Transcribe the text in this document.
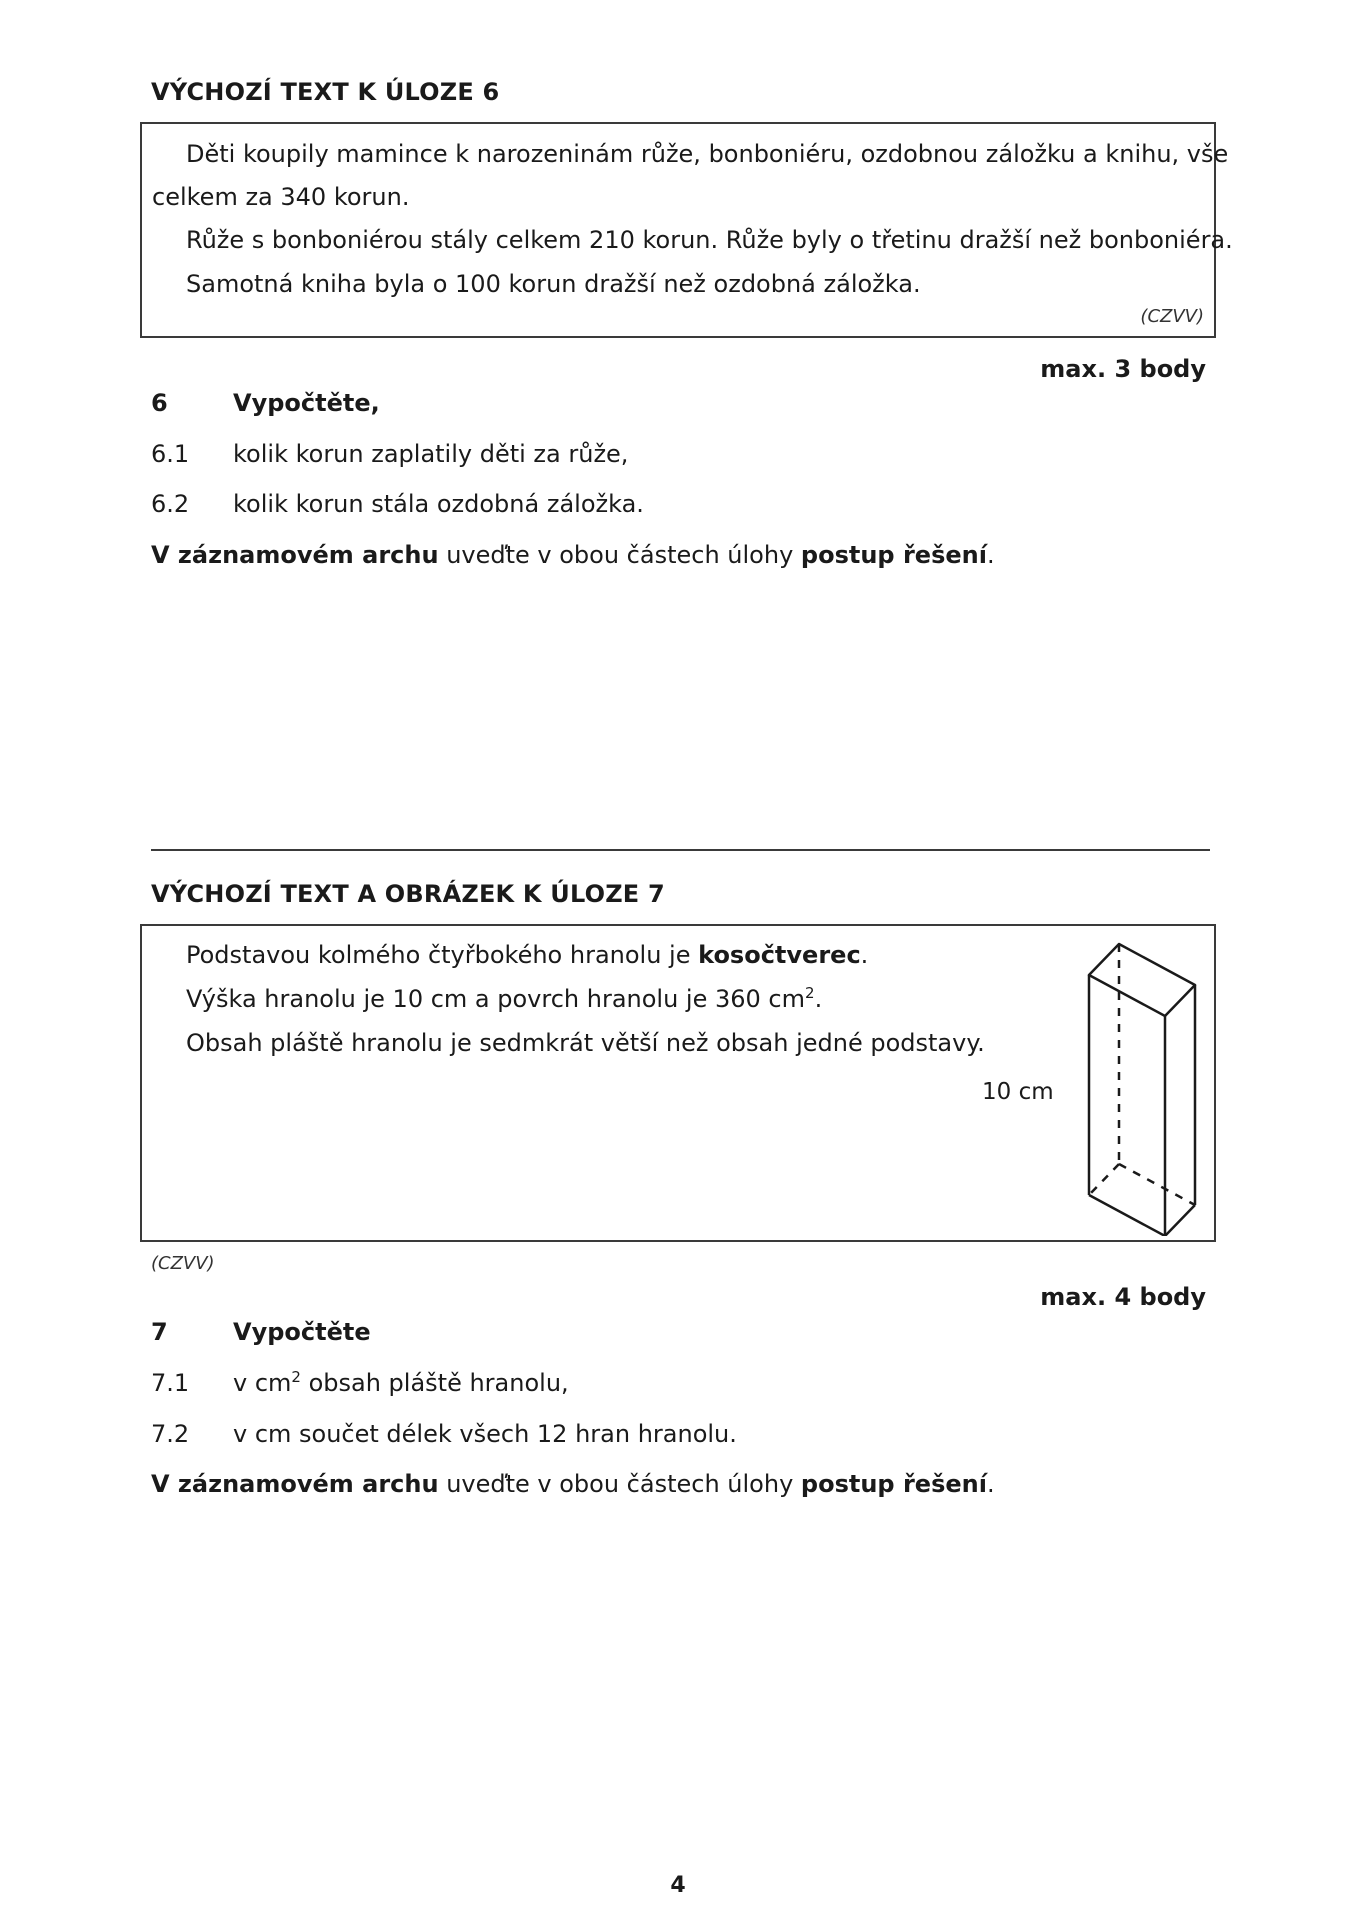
VÝCHOZÍ TEXT K ÚLOZE 6
Děti koupily mamince k narozeninám růže, bonboniéru, ozdobnou záložku a knihu, vše
celkem za 340 korun.
Růže s bonboniérou stály celkem 210 korun. Růže byly o třetinu dražší než bonboniéra.
Samotná kniha byla o 100 korun dražší než ozdobná záložka.
(CZVV)
max. 3 body
6	Vypočtěte,
6.1 kolik korun zaplatily děti za růže,
6.2 kolik korun stála ozdobná záložka.
V záznamovém archu uveďte v obou částech úlohy postup řešení.
VÝCHOZÍ TEXT A OBRÁZEK K ÚLOZE 7
Podstavou kolmého čtyřbokého hranolu je kosočtverec.
Výška hranolu je 10 cm a povrch hranolu je 360 $cm^2$.
Obsah pláště hranolu je sedmkrát větší než obsah jedné podstavy.
10 cm
(CZVV)
max. 4 body
7	Vypočtěte
7.1 v $cm^2$ obsah pláště hranolu,
7.2 v cm součet délek všech 12 hran hranolu.
V záznamovém archu uveďte v obou částech úlohy postup řešení.
4
